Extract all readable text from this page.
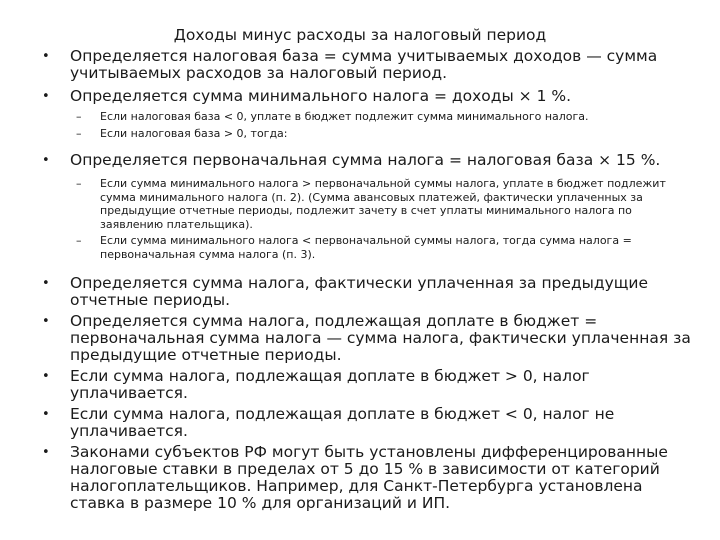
Доходы минус расходы за налоговый период
• Определяется налоговая база = сумма учитываемых доходов — сумма учитываемых расходов за налоговый период.
• Определяется сумма минимального налога = доходы × 1 %.
– Если налоговая база < 0, уплате в бюджет подлежит сумма минимального налога.
– Если налоговая база > 0, тогда:
• Определяется первоначальная сумма налога = налоговая база × 15 %.
– Если сумма минимального налога > первоначальной суммы налога, уплате в бюджет подлежит сумма минимального налога (п. 2). (Сумма авансовых платежей, фактически уплаченных за предыдущие отчетные периоды, подлежит зачету в счет уплаты минимального налога по заявлению плательщика).
– Если сумма минимального налога < первоначальной суммы налога, тогда сумма налога = первоначальная сумма налога (п. 3).
• Определяется сумма налога, фактически уплаченная за предыдущие отчетные периоды.
• Определяется сумма налога, подлежащая доплате в бюджет = первоначальная сумма налога — сумма налога, фактически уплаченная за предыдущие отчетные периоды.
• Если сумма налога, подлежащая доплате в бюджет > 0, налог уплачивается.
• Если сумма налога, подлежащая доплате в бюджет < 0, налог не уплачивается.
• Законами субъектов РФ могут быть установлены дифференцированные налоговые ставки в пределах от 5 до 15 % в зависимости от категорий налогоплательщиков. Например, для Санкт-Петербурга установлена ставка в размере 10 % для организаций и ИП.
